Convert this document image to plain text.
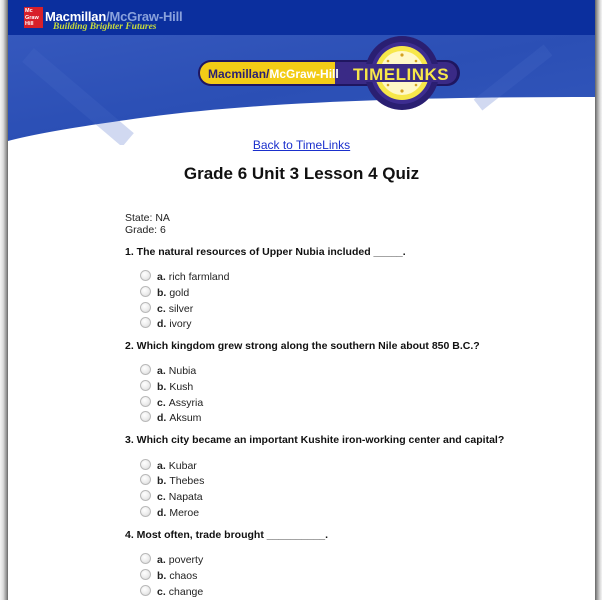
Mc
Graw
Hill Macmillan/McGraw-Hill
Building Brighter Futures
Macmillan/McGraw-Hill TIMELINKS
Back to TimeLinks
Grade 6 Unit 3 Lesson 4 Quiz
State: NA
Grade: 6
1. The natural resources of Upper Nubia included _____.
a. rich farmland
b. gold
c. silver
d. ivory
2. Which kingdom grew strong along the southern Nile about 850 B.C.?
a. Nubia
b. Kush
c. Assyria
d. Aksum
3. Which city became an important Kushite iron-working center and capital?
a. Kubar
b. Thebes
c. Napata
d. Meroe
4. Most often, trade brought __________.
a. poverty
b. chaos
c. change
